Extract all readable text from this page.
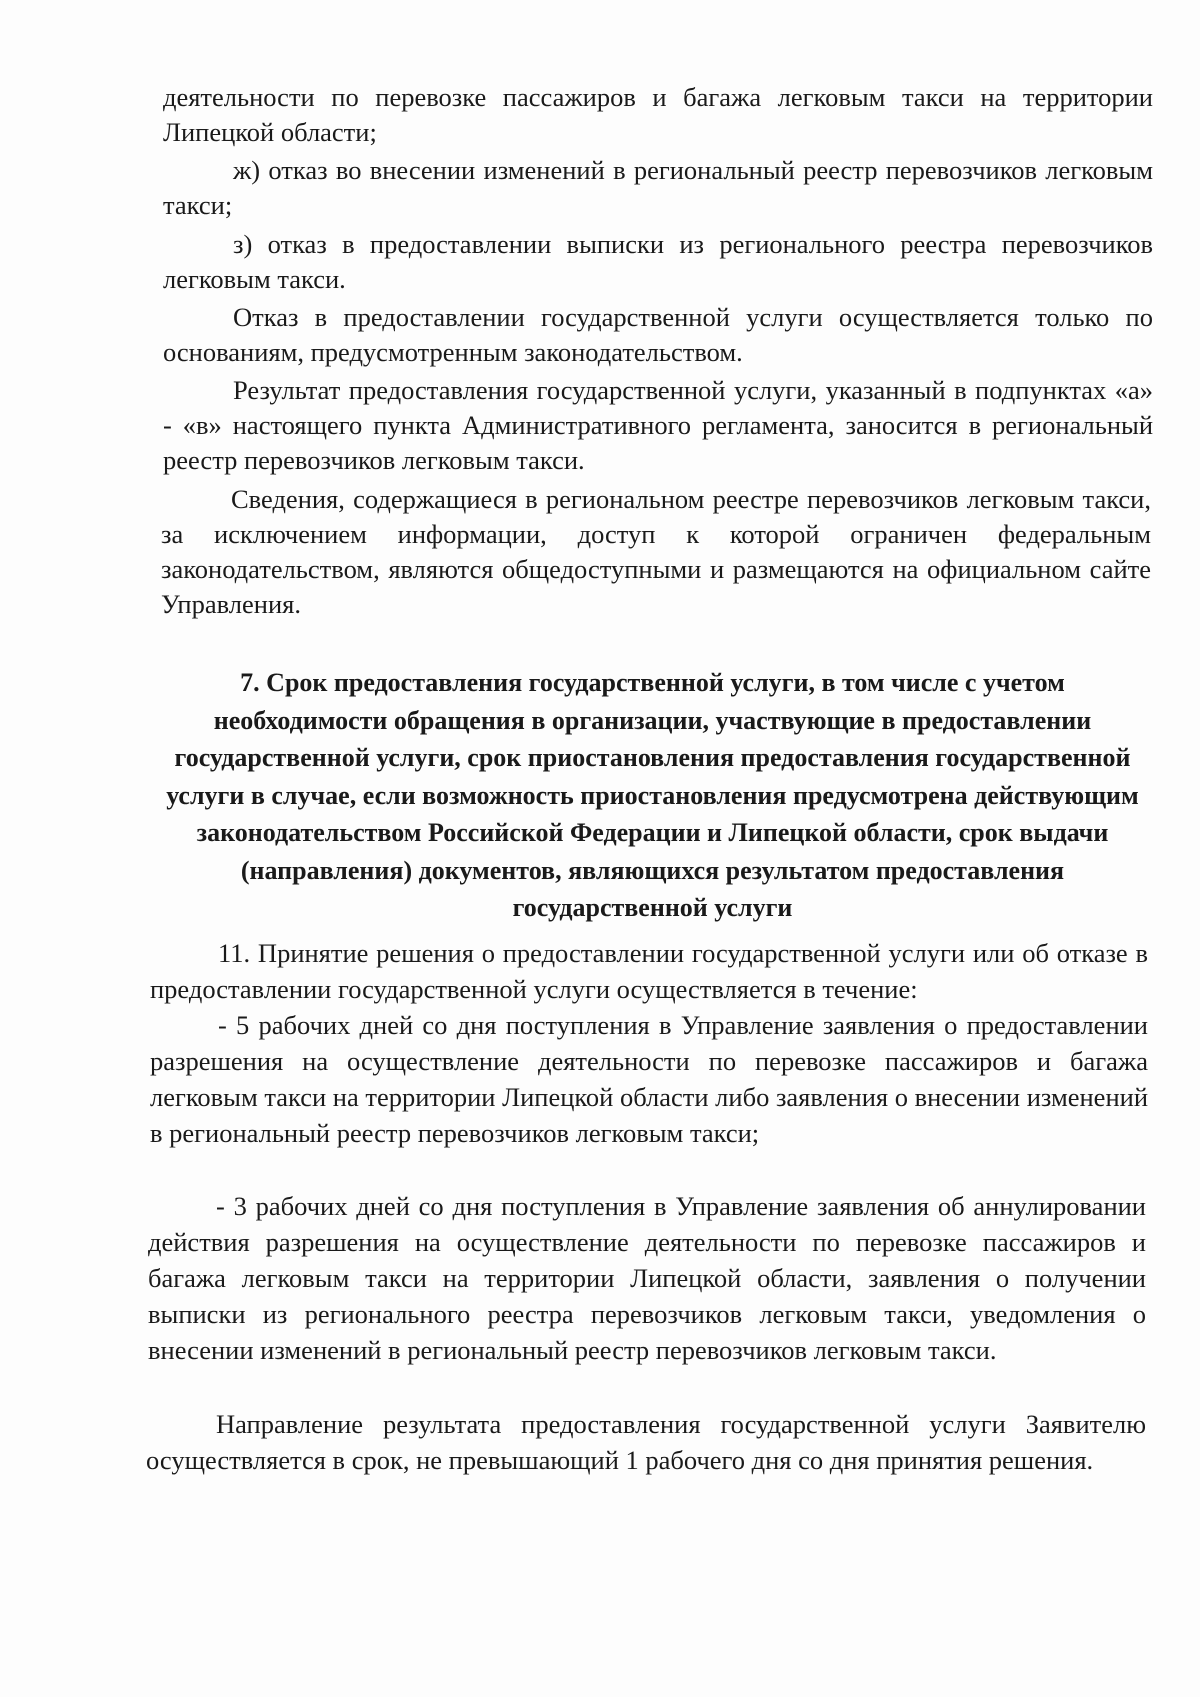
деятельности по перевозке пассажиров и багажа легковым такси на территории Липецкой области;

ж) отказ во внесении изменений в региональный реестр перевозчиков легковым такси;

з) отказ в предоставлении выписки из регионального реестра перевозчиков легковым такси.

Отказ в предоставлении государственной услуги осуществляется только по основаниям, предусмотренным законодательством.

Результат предоставления государственной услуги, указанный в подпунктах «а» - «в» настоящего пункта Административного регламента, заносится в региональный реестр перевозчиков легковым такси.

Сведения, содержащиеся в региональном реестре перевозчиков легковым такси, за исключением информации, доступ к которой ограничен федеральным законодательством, являются общедоступными и размещаются на официальном сайте Управления.

7. Срок предоставления государственной услуги, в том числе с учетом необходимости обращения в организации, участвующие в предоставлении государственной услуги, срок приостановления предоставления государственной услуги в случае, если возможность приостановления предусмотрена действующим законодательством Российской Федерации и Липецкой области, срок выдачи (направления) документов, являющихся результатом предоставления государственной услуги

11. Принятие решения о предоставлении государственной услуги или об отказе в предоставлении государственной услуги осуществляется в течение:

- 5 рабочих дней со дня поступления в Управление заявления о предоставлении разрешения на осуществление деятельности по перевозке пассажиров и багажа легковым такси на территории Липецкой области либо заявления о внесении изменений в региональный реестр перевозчиков легковым такси;

- 3 рабочих дней со дня поступления в Управление заявления об аннулировании действия разрешения на осуществление деятельности по перевозке пассажиров и багажа легковым такси на территории Липецкой области, заявления о получении выписки из регионального реестра перевозчиков легковым такси, уведомления о внесении изменений в региональный реестр перевозчиков легковым такси.

Направление результата предоставления государственной услуги Заявителю осуществляется в срок, не превышающий 1 рабочего дня со дня принятия решения.
